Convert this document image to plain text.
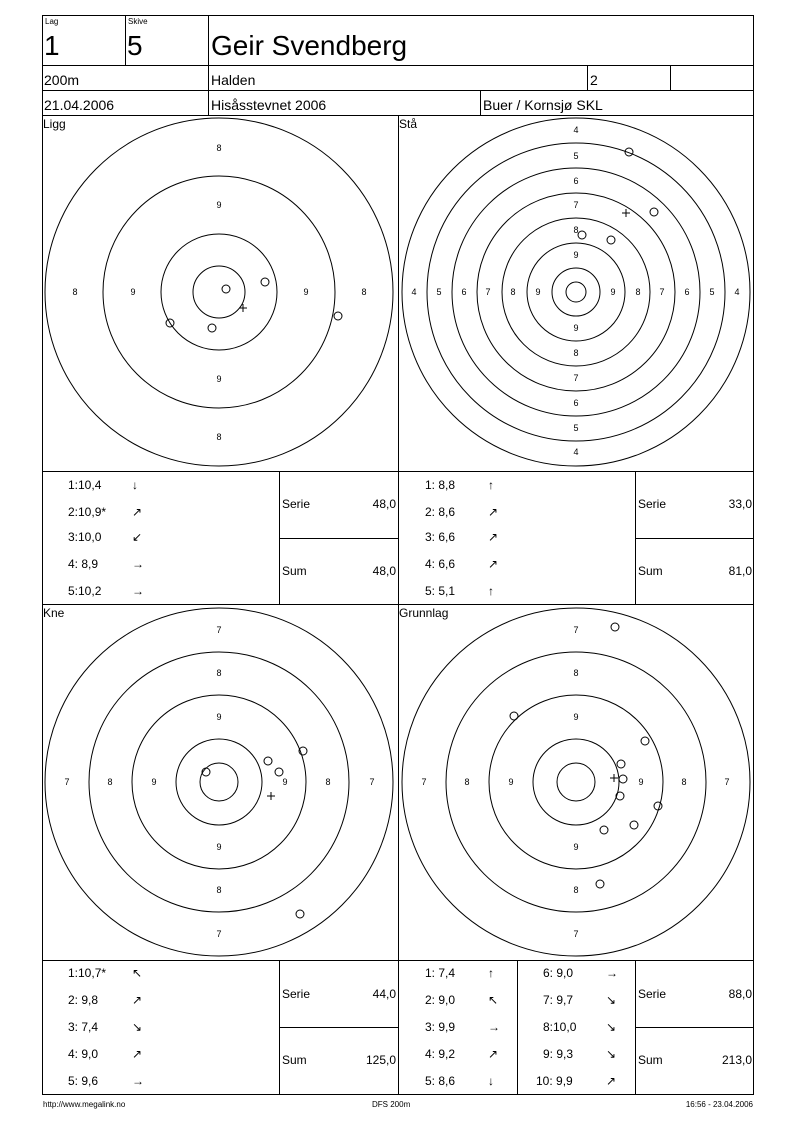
8
9
9
8
8	9	9	8
4
5
6
7
8
9
9
8
7
6
5
4
4 5 6 7 8 9	9 8 7 6 5 4
7
8
9
9
8
7
7	8	9	9	8	7
7
8
9
9
8
7
7	8	9	9	8	7
Lag
1
Skive
5 Geir Svendberg
200m	Halden	2
21.04.2006	Hisåsstevnet 2006	Buer / Kornsjø SKL
Ligg	Stå
Kne	Grunnlag
1:10,4	↓
2:10,9* ↗
3:10,0	↙
4: 8,9	→
5:10,2	→
Serie	48,0
Sum	48,0
1: 8,8	↑
2: 8,6	↗
3: 6,6	↗
4: 6,6	↗
5: 5,1	↑
Serie	33,0
Sum	81,0
1:10,7* ↖
2: 9,8	↗
3: 7,4	↘
4: 9,0	↗
5: 9,6	→
Serie	44,0
Sum	125,0
1: 7,4	↑
2: 9,0	↖
3: 9,9	→
4: 9,2	↗
5: 8,6	↓
6: 9,0	→
7: 9,7	↘
8:10,0 ↘
9: 9,3	↘
10: 9,9	↗
Serie	88,0
Sum	213,0
http://www.megalink.no	DFS 200m	16:56 - 23.04.2006
